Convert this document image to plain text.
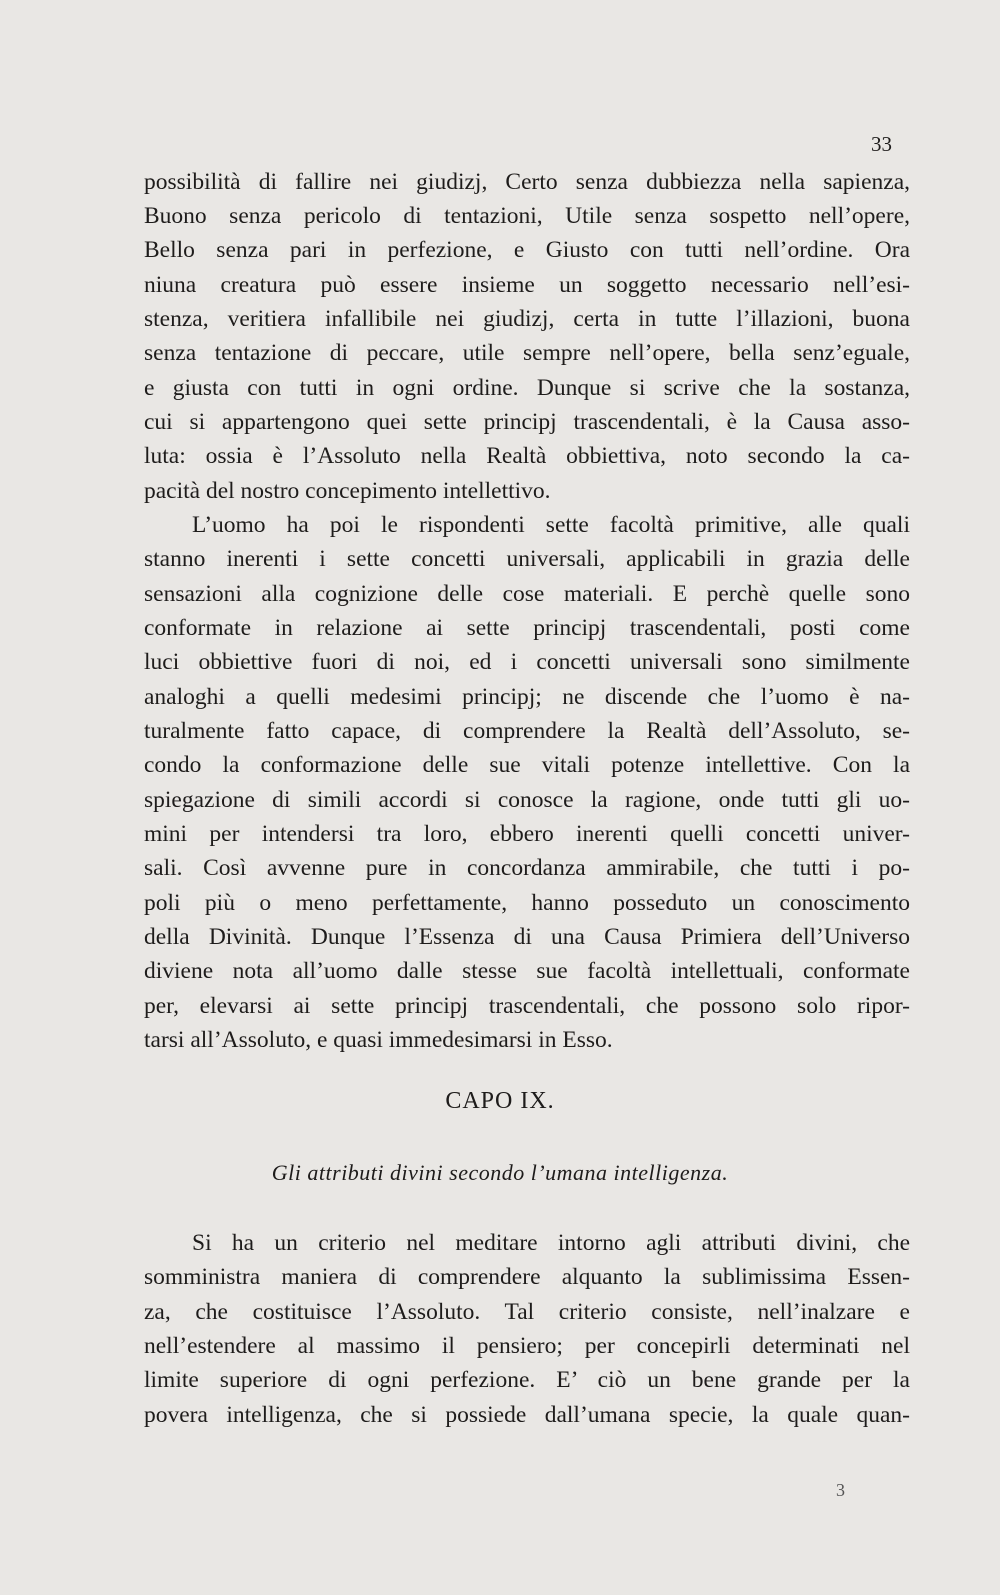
33
possibilità di fallire nei giudizj, Certo senza dubbiezza nella sapienza,
Buono senza pericolo di tentazioni, Utile senza sospetto nell’opere,
Bello senza pari in perfezione, e Giusto con tutti nell’ordine. Ora
niuna creatura può essere insieme un soggetto necessario nell’esi-
stenza, veritiera infallibile nei giudizj, certa in tutte l’illazioni, buona
senza tentazione di peccare, utile sempre nell’opere, bella senz’eguale,
e giusta con tutti in ogni ordine. Dunque si scrive che la sostanza,
cui si appartengono quei sette principj trascendentali, è la Causa asso-
luta: ossia è l’Assoluto nella Realtà obbiettiva, noto secondo la ca-
pacità del nostro concepimento intellettivo.
L’uomo ha poi le rispondenti sette facoltà primitive, alle quali
stanno inerenti i sette concetti universali, applicabili in grazia delle
sensazioni alla cognizione delle cose materiali. E perchè quelle sono
conformate in relazione ai sette principj trascendentali, posti come
luci obbiettive fuori di noi, ed i concetti universali sono similmente
analoghi a quelli medesimi principj; ne discende che l’uomo è na-
turalmente fatto capace, di comprendere la Realtà dell’Assoluto, se-
condo la conformazione delle sue vitali potenze intellettive. Con la
spiegazione di simili accordi si conosce la ragione, onde tutti gli uo-
mini per intendersi tra loro, ebbero inerenti quelli concetti univer-
sali. Così avvenne pure in concordanza ammirabile, che tutti i po-
poli più o meno perfettamente, hanno posseduto un conoscimento
della Divinità. Dunque l’Essenza di una Causa Primiera dell’Universo
diviene nota all’uomo dalle stesse sue facoltà intellettuali, conformate
per, elevarsi ai sette principj trascendentali, che possono solo ripor-
tarsi all’Assoluto, e quasi immedesimarsi in Esso.
CAPO IX.
Gli attributi divini secondo l’umana intelligenza.
Si ha un criterio nel meditare intorno agli attributi divini, che
somministra maniera di comprendere alquanto la sublimissima Essen-
za, che costituisce l’Assoluto. Tal criterio consiste, nell’inalzare e
nell’estendere al massimo il pensiero; per concepirli determinati nel
limite superiore di ogni perfezione. E’ ciò un bene grande per la
povera intelligenza, che si possiede dall’umana specie, la quale quan-
3
